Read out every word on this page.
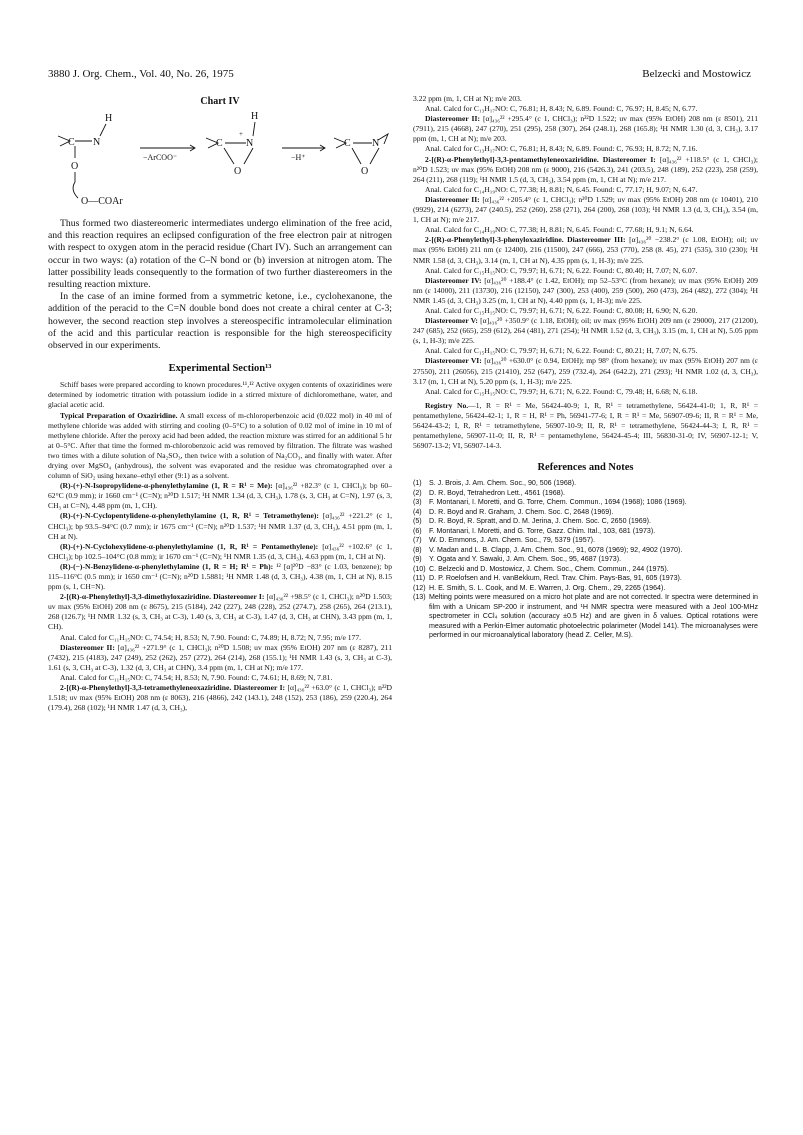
3880 J. Org. Chem., Vol. 40, No. 26, 1975	Belzecki and Mostowicz
Chart IV
H
C N
O
O—COAr
−ArCOO⁻
H
C N
+
O
−H⁺
C N
O

Thus formed two diastereomeric intermediates undergo elimination of the free acid, and this reaction requires an eclipsed configuration of the free electron pair at nitrogen with respect to oxygen atom in the peracid residue (Chart IV). Such an arrangement can occur in two ways: (a) rotation of the C–N bond or (b) inversion at nitrogen atom. The latter possibility leads consequently to the formation of two further diastereomers in the resulting reaction mixture.

In the case of an imine formed from a symmetric ketone, i.e., cyclohexanone, the addition of the peracid to the C=N double bond does not create a chiral center at C-3; however, the second reaction step involves a stereospecific intramolecular elimination of the acid and this particular reaction is responsible for the high stereospecificity observed in our experiments.

Experimental Section¹³

Schiff bases were prepared according to known procedures.¹¹,¹² Active oxygen contents of oxaziridines were determined by iodometric titration with potassium iodide in a stirred mixture of dichloromethane, water, and glacial acetic acid.

Typical Preparation of Oxaziridine. A small excess of m-chloroperbenzoic acid (0.022 mol) in 40 ml of methylene chloride was added with stirring and cooling (0–5°C) to a solution of 0.02 mol of imine in 10 ml of methylene chloride. After the peroxy acid had been added, the reaction mixture was stirred for an additional 5 hr at 0–5°C. After that time the formed m-chlorobenzoic acid was removed by filtration. The filtrate was washed two times with a dilute solution of Na₂SO₃, then twice with a solution of Na₂CO₃, and finally with water. After drying over MgSO₄ (anhydrous), the solvent was evaporated and the residue was chromatographed over a column of SiO₂ using hexane–ethyl ether (9:1) as a solvent.

(R)-(+)-N-Isopropylidene-α-phenylethylamine (1, R = R¹ = Me): [α]₄₃₆²² +82.3° (c 1, CHCl₃); bp 60–62°C (0.9 mm); ir 1660 cm⁻¹ (C=N); n²⁰D 1.517; ¹H NMR 1.34 (d, 3, CH₃), 1.78 (s, 3, CH₃ at C=N), 1.97 (s, 3, CH₃ at C=N), 4.48 ppm (m, 1, CH).

(R)-(+)-N-Cyclopentylidene-α-phenylethylamine (1, R, R¹ = Tetramethylene): [α]₄₃₆²² +221.2° (c 1, CHCl₃); bp 93.5–94°C (0.7 mm); ir 1675 cm⁻¹ (C=N); n²⁰D 1.537; ¹H NMR 1.37 (d, 3, CH₃), 4.51 ppm (m, 1, CH at N).

(R)-(+)-N-Cyclohexylidene-α-phenylethylamine (1, R, R¹ = Pentamethylene): [α]₄₃₆²² +102.6° (c 1, CHCl₃); bp 102.5–104°C (0.8 mm); ir 1670 cm⁻¹ (C=N); ¹H NMR 1.35 (d, 3, CH₃), 4.63 ppm (m, 1, CH at N).

(R)-(−)-N-Benzylidene-α-phenylethylamine (1, R = H; R¹ = Ph): ¹² [α]²⁰D −83° (c 1.03, benzene); bp 115–116°C (0.5 mm); ir 1650 cm⁻¹ (C=N); n²⁰D 1.5881; ¹H NMR 1.48 (d, 3, CH₃), 4.38 (m, 1, CH at N), 8.15 ppm (s, 1, CH=N).

2-[(R)-α-Phenylethyl]-3,3-dimethyloxaziridine. Diastereomer I: [α]₄₃₆²² +98.5° (c 1, CHCl₃); n²⁰D 1.503; uv max (95% EtOH) 208 nm (ε 8675), 215 (5184), 242 (227), 248 (228), 252 (274.7), 258 (265), 264 (213.1), 268 (126.7); ¹H NMR 1.32 (s, 3, CH₃ at C-3), 1.40 (s, 3, CH₃ at C-3), 1.47 (d, 3, CH₃ at CHN), 3.43 ppm (m, 1, CH).

Anal. Calcd for C₁₁H₁₅NO: C, 74.54; H, 8.53; N, 7.90. Found: C, 74.89; H, 8.72; N, 7.95; m/e 177.

Diastereomer II: [α]₄₃₆²² +271.9° (c 1, CHCl₃); n²⁰D 1.508; uv max (95% EtOH) 207 nm (ε 8287), 211 (7432), 215 (4183), 247 (249), 252 (262), 257 (272), 264 (214), 268 (155.1); ¹H NMR 1.43 (s, 3, CH₃ at C-3), 1.61 (s, 3, CH₃ at C-3), 1.32 (d, 3, CH₃ at CHN), 3.4 ppm (m, 1, CH at N); m/e 177.

Anal. Calcd for C₁₁H₁₅NO: C, 74.54; H, 8.53; N, 7.90. Found: C, 74.61; H, 8.69; N, 7.81.

2-[(R)-α-Phenylethyl]-3,3-tetramethyleneoxaziridine. Diastereomer I: [α]₄₃₆²² +63.0° (c 1, CHCl₃); n²²D 1.518; uv max (95% EtOH) 208 nm (ε 8063), 216 (4866), 242 (143.1), 248 (152), 253 (186), 259 (220.4), 264 (179.4), 268 (102); ¹H NMR 1.47 (d, 3, CH₃),

3.22 ppm (m, 1, CH at N); m/e 203.

Anal. Calcd for C₁₃H₁₇NO: C, 76.81; H, 8.43; N, 6.89. Found: C, 76.97; H, 8.45; N, 6.77.

Diastereomer II: [α]₄₃₆²² +295.4° (c 1, CHCl₃); n²²D 1.522; uv max (95% EtOH) 208 nm (ε 8501), 211 (7911), 215 (4668), 247 (270), 251 (295), 258 (307), 264 (248.1), 268 (165.8); ¹H NMR 1.30 (d, 3, CH₃), 3.17 ppm (m, 1, CH at N); m/e 203.

Anal. Calcd for C₁₃H₁₇NO: C, 76.81; H, 8.43; N, 6.89. Found: C, 76.93; H, 8.72; N, 7.16.

2-[(R)-α-Phenylethyl]-3,3-pentamethyleneoxaziridine. Diastereomer I: [α]₄₃₆²² +118.5° (c 1, CHCl₃); n²⁰D 1.523; uv max (95% EtOH) 208 nm (ε 9000), 216 (5426.3), 241 (203.5), 248 (189), 252 (223), 258 (259), 264 (211), 268 (119); ¹H NMR 1.5 (d, 3, CH₃), 3.54 ppm (m, 1, CH at N); m/e 217.

Anal. Calcd for C₁₄H₁₉NO: C, 77.38; H, 8.81; N, 6.45. Found: C, 77.17; H, 9.07; N, 6.47.

Diastereomer II: [α]₄₃₆²² +205.4° (c 1, CHCl₃); n²⁰D 1.529; uv max (95% EtOH) 208 nm (ε 10401), 210 (9929), 214 (6273), 247 (240.5), 252 (260), 258 (271), 264 (200), 268 (103); ¹H NMR 1.3 (d, 3, CH₃), 3.54 (m, 1, CH at N); m/e 217.

Anal. Calcd for C₁₄H₁₉NO: C, 77.38; H, 8.81; N, 6.45. Found: C, 77.68; H, 9.1; N, 6.64.

2-[(R)-α-Phenylethyl]-3-phenyloxaziridine. Diastereomer III: [α]₄₃₆²⁰ −238.2° (c 1.08, EtOH); oil; uv max (95% EtOH) 211 nm (ε 12400), 216 (11500), 247 (666), 253 (770), 258 (8. 45), 271 (535), 310 (230); ¹H NMR 1.58 (d, 3, CH₃), 3.14 (m, 1, CH at N), 4.35 ppm (s, 1, H-3); m/e 225.

Anal. Calcd for C₁₅H₁₅NO: C, 79.97; H, 6.71; N, 6.22. Found: C, 80.40; H, 7.07; N, 6.07.

Diastereomer IV: [α]₄₃₆²⁰ +188.4° (c 1.42, EtOH); mp 52–53°C (from hexane); uv max (95% EtOH) 209 nm (ε 14000), 211 (13730), 216 (12150), 247 (300), 253 (400), 259 (500), 260 (473), 264 (482), 272 (304); ¹H NMR 1.45 (d, 3, CH₃) 3.25 (m, 1, CH at N), 4.40 ppm (s, 1, H-3); m/e 225.

Anal. Calcd for C₁₅H₁₅NO: C, 79.97; H, 6.71; N, 6.22. Found: C, 80.08; H, 6.90; N, 6.20.

Diastereomer V: [α]₄₃₆²⁰ +350.9° (c 1.18, EtOH); oil; uv max (95% EtOH) 209 nm (ε 29000), 217 (21200), 247 (685), 252 (665), 259 (612), 264 (481), 271 (254); ¹H NMR 1.52 (d, 3, CH₃), 3.15 (m, 1, CH at N), 5.05 ppm (s, 1, H-3); m/e 225.

Anal. Calcd for C₁₅H₁₅NO: C, 79.97; H, 6.71; N, 6.22. Found: C, 80.21; H, 7.07; N, 6.75.

Diastereomer VI: [α]₄₃₆²⁰ +630.0° (c 0.94, EtOH); mp 98° (from hexane); uv max (95% EtOH) 207 nm (ε 27550), 211 (26056), 215 (21410), 252 (647), 259 (732.4), 264 (642.2), 271 (293); ¹H NMR 1.02 (d, 3, CH₃), 3.17 (m, 1, CH at N), 5.20 ppm (s, 1, H-3); m/e 225.

Anal. Calcd for C₁₅H₁₅NO: C, 79.97; H, 6.71; N, 6.22. Found: C, 79.48; H, 6.68; N, 6.18.

Registry No.—1, R = R¹ = Me, 56424-40-9; 1, R, R¹ = tetramethylene, 56424-41-0; 1, R, R¹ = pentamethylene, 56424-42-1; 1, R = H, R¹ = Ph, 56941-77-6; I, R = R¹ = Me, 56907-09-6; II, R = R¹ = Me, 56424-43-2; I, R, R¹ = tetramethylene, 56907-10-9; II, R, R¹ = tetramethylene, 56424-44-3; I, R, R¹ = pentamethylene, 56907-11-0; II, R, R¹ = pentamethylene, 56424-45-4; III, 56830-31-0; IV, 56907-12-1; V, 56907-13-2; VI, 56907-14-3.

References and Notes
(1)	S. J. Brois, J. Am. Chem. Soc., 90, 506 (1968).
(2)	D. R. Boyd, Tetrahedron Lett., 4561 (1968).
(3)	F. Montanari, I. Moretti, and G. Torre, Chem. Commun., 1694 (1968); 1086 (1969).
(4)	D. R. Boyd and R. Graham, J. Chem. Soc. C, 2648 (1969).
(5)	D. R. Boyd, R. Spratt, and D. M. Jerina, J. Chem. Soc. C, 2650 (1969).
(6)	F. Montanari, I. Moretti, and G. Torre, Gazz. Chim. Ital., 103, 681 (1973).
(7)	W. D. Emmons, J. Am. Chem. Soc., 79, 5379 (1957).
(8)	V. Madan and L. B. Clapp, J. Am. Chem. Soc., 91, 6078 (1969); 92, 4902 (1970).
(9)	Y. Ogata and Y. Sawaki, J. Am. Chem. Soc., 95, 4687 (1973).
(10) C. Belzecki and D. Mostowicz, J. Chem. Soc., Chem. Commun., 244 (1975).
(11) D. P. Roelofsen and H. vanBekkum, Recl. Trav. Chim. Pays-Bas, 91, 605 (1973).
(12) H. E. Smith, S. L. Cook, and M. E. Warren, J. Org. Chem., 29, 2265 (1964).
(13) Melting points were measured on a micro hot plate and are not corrected. Ir spectra were determined in film with a Unicam SP-200 ir instrument, and ¹H NMR spectra were measured with a Jeol 100-MHz spectrometer in CCl₄ solution (accuracy ±0.5 Hz) and are given in δ values. Optical rotations were measured with a Perkin-Elmer automatic photoelectric polarimeter (Model 141). The microanalyses were performed in our microanalytical laboratory (head Z. Celler, M.S).
